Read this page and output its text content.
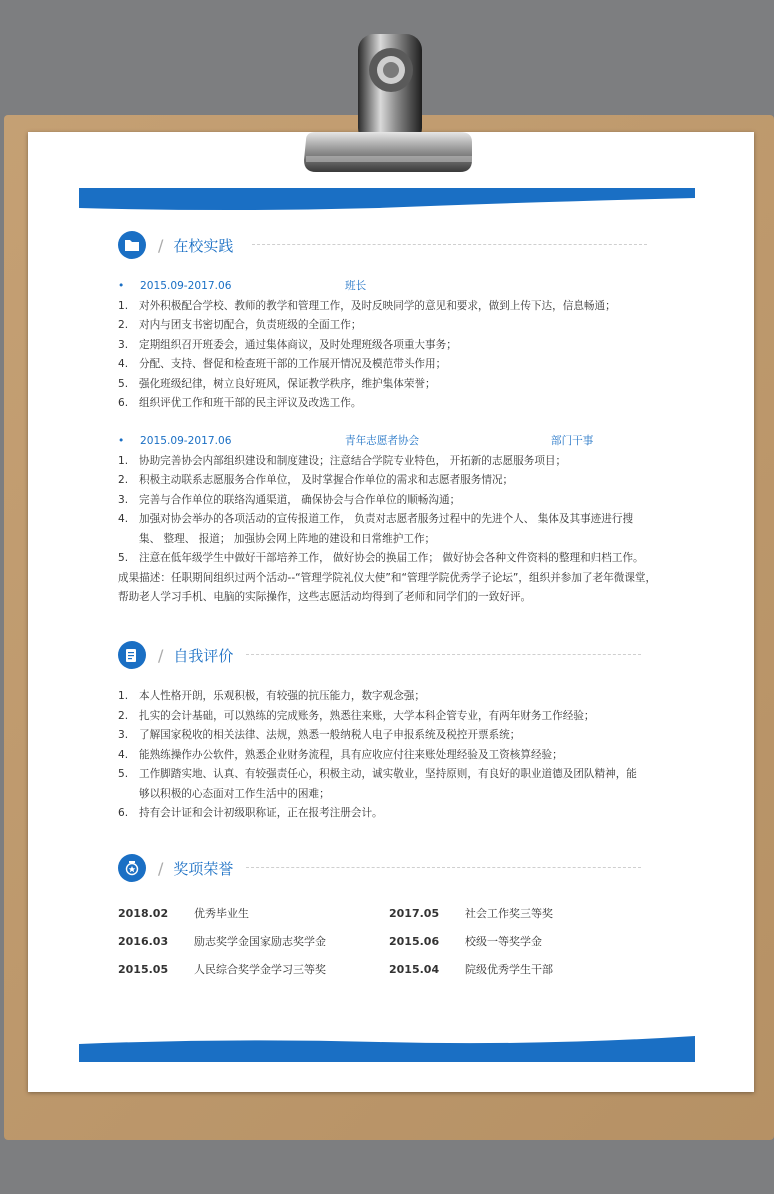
/ 在校实践
• 2015.09-2017.06	班长
1.	对外积极配合学校、教师的教学和管理工作，及时反映同学的意见和要求，做到上传下达，信息畅通；
2.	对内与团支书密切配合，负责班级的全面工作；
3.	定期组织召开班委会，通过集体商议，及时处理班级各项重大事务；
4.	分配、支持、督促和检查班干部的工作展开情况及模范带头作用；
5.	强化班级纪律，树立良好班风，保证教学秩序，维护集体荣誉；
6.	组织评优工作和班干部的民主评议及改选工作。
• 2015.09-2017.06	青年志愿者协会	部门干事
1.	协助完善协会内部组织建设和制度建设；注意结合学院专业特色， 开拓新的志愿服务项目；
2.	积极主动联系志愿服务合作单位， 及时掌握合作单位的需求和志愿者服务情况；
3.	完善与合作单位的联络沟通渠道， 确保协会与合作单位的顺畅沟通；
4.	加强对协会举办的各项活动的宣传报道工作， 负责对志愿者服务过程中的先进个人、 集体及其事迹进行搜
集、 整理、 报道； 加强协会网上阵地的建设和日常维护工作；
5.	注意在低年级学生中做好干部培养工作， 做好协会的换届工作； 做好协会各种文件资料的整理和归档工作。
成果描述：任职期间组织过两个活动--“管理学院礼仪大使”和“管理学院优秀学子论坛”，组织并参加了老年微课堂，帮助老人学习手机、电脑的实际操作，这些志愿活动均得到了老师和同学们的一致好评。
/ 自我评价
1.	本人性格开朗，乐观积极，有较强的抗压能力，数字观念强；
2.	扎实的会计基础，可以熟练的完成账务，熟悉往来账，大学本科企管专业，有两年财务工作经验；
3.	了解国家税收的相关法律、法规，熟悉一般纳税人电子申报系统及税控开票系统；
4.	能熟练操作办公软件，熟悉企业财务流程，具有应收应付往来账处理经验及工资核算经验；
5.	工作脚踏实地、认真、有较强责任心，积极主动，诚实敬业，坚持原则，有良好的职业道德及团队精神，能
够以积极的心态面对工作生活中的困难；
6.	持有会计证和会计初级职称证，正在报考注册会计。
/ 奖项荣誉
2018.02 优秀毕业生	2017.05 社会工作奖三等奖
2016.03 励志奖学金国家励志奖学金	2015.06 校级一等奖学金
2015.05 人民综合奖学金学习三等奖	2015.04 院级优秀学生干部
